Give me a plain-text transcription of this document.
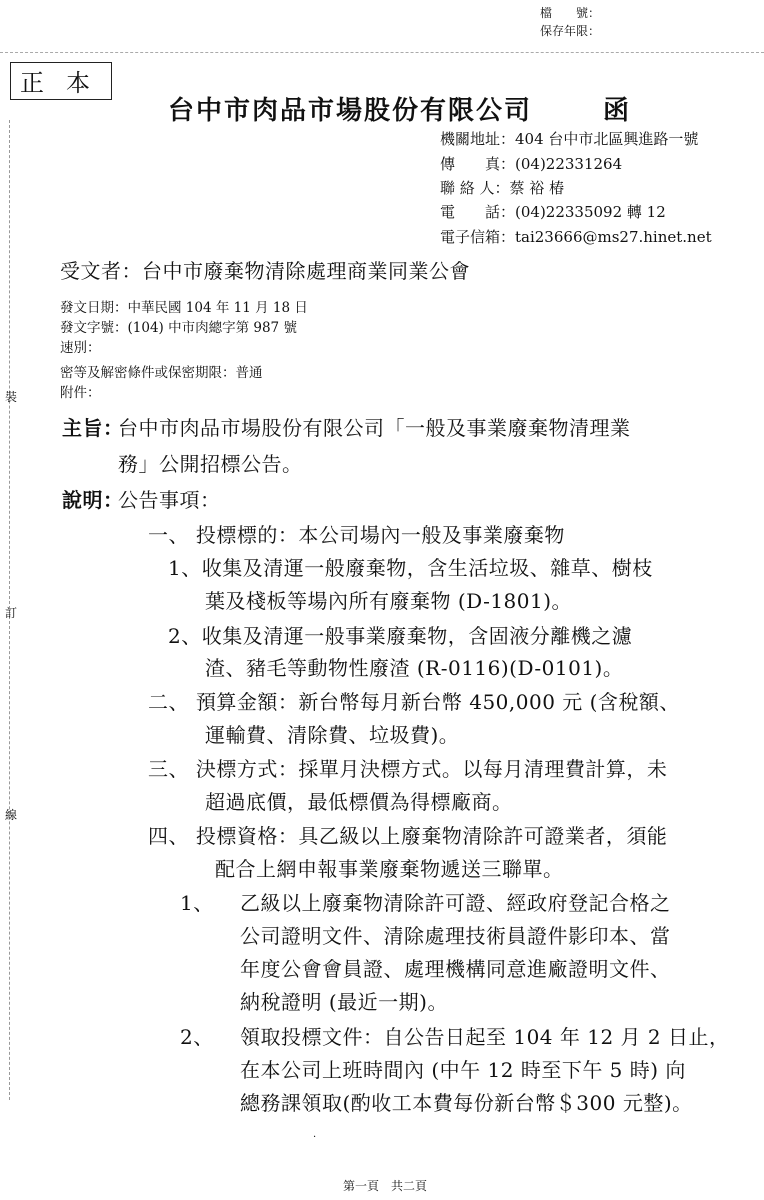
檔　　號：
保存年限：
正本
台中市肉品市場股份有限公司	函
機關地址：404 台中市北區興進路一號
傳　　真：(04)22331264
聯 絡 人：蔡 裕 椿
電　　話：(04)22335092 轉 12
電子信箱：tai23666@ms27.hinet.net
受文者：台中市廢棄物清除處理商業同業公會
發文日期：中華民國 104 年 11 月 18 日
發文字號：(104) 中市肉總字第 987 號
速別：
密等及解密條件或保密期限：普通
附件：
裝
訂
線
主旨：
台中市肉品市場股份有限公司「一般及事業廢棄物清理業
務」公開招標公告。
說明：
公告事項：
一、 投標標的：本公司場內一般及事業廢棄物
1、收集及清運一般廢棄物，含生活垃圾、雜草、樹枝
葉及棧板等場內所有廢棄物 (D-1801)。
2、收集及清運一般事業廢棄物，含固液分離機之濾
渣、豬毛等動物性廢渣 (R-0116)(D-0101)。
二、 預算金額：新台幣每月新台幣 450,000 元 (含稅額、
運輸費、清除費、垃圾費)。
三、 決標方式：採單月決標方式。以每月清理費計算，未
超過底價，最低標價為得標廠商。
四、 投標資格：具乙級以上廢棄物清除許可證業者，須能
配合上網申報事業廢棄物遞送三聯單。
1、 乙級以上廢棄物清除許可證、經政府登記合格之
公司證明文件、清除處理技術員證件影印本、當
年度公會會員證、處理機構同意進廠證明文件、
納稅證明 (最近一期)。
2、 領取投標文件：自公告日起至 104 年 12 月 2 日止，
在本公司上班時間內 (中午 12 時至下午 5 時) 向
總務課領取(酌收工本費每份新台幣＄300 元整)。
·
第一頁　共二頁
